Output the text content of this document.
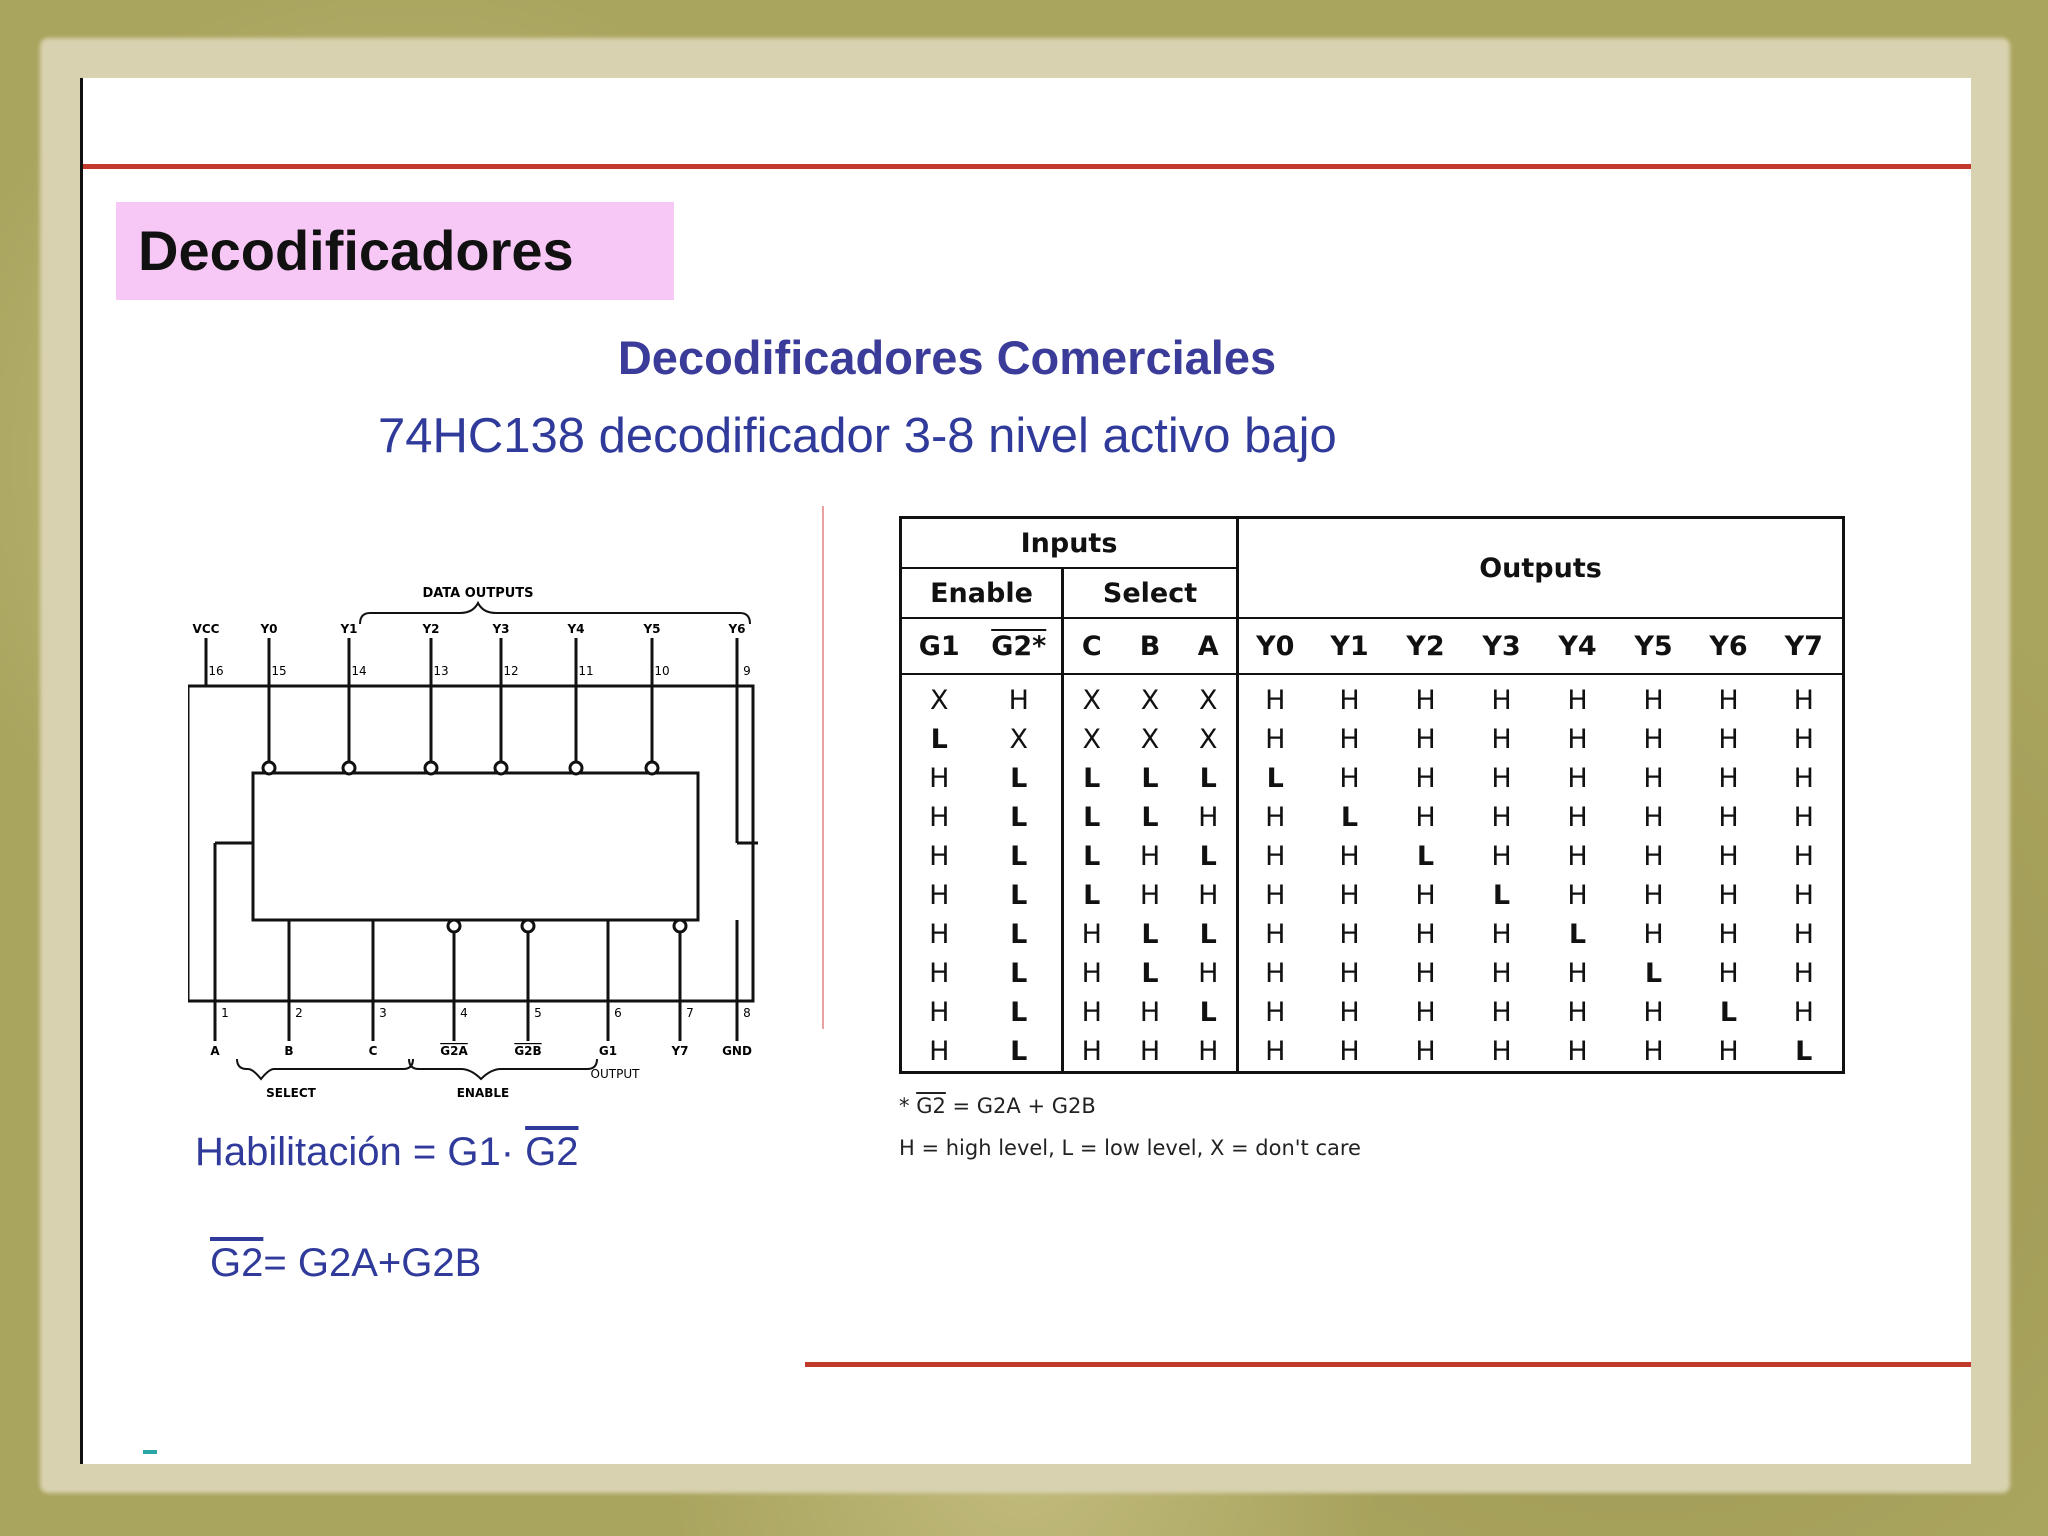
Decodificadores
Decodificadores Comerciales
74HC138 decodificador 3-8 nivel activo bajo
VCC
16
Y0
15
Y1
14
Y2
13
Y3
12
Y4
11
Y5
10
Y6
9
1
A
2
B
3
C
4
G2A
5
G2B
6
G1
7
Y7
8
GND
DATA OUTPUTS
SELECT	ENABLE
OUTPUT
Inputs					Outputs							
Enable		Select										
G1	G2*	C	B	A	Y0	Y1	Y2	Y3	Y4	Y5	Y6	Y7
X	H	X	X	X	H	H	H	H	H	H	H	H
L	X	X	X	X	H	H	H	H	H	H	H	H
H	L	L	L	L	L	H	H	H	H	H	H	H
H	L	L	L	H	H	L	H	H	H	H	H	H
H	L	L	H	L	H	H	L	H	H	H	H	H
H	L	L	H	H	H	H	H	L	H	H	H	H
H	L	H	L	L	H	H	H	H	L	H	H	H
H	L	H	L	H	H	H	H	H	H	L	H	H
H	L	H	H	L	H	H	H	H	H	H	L	H
H	L	H	H	H	H	H	H	H	H	H	H	L
* G2 = G2A + G2B
H = high level, L = low level, X = don't care
Habilitación = G1· G2
G2= G2A+G2B
